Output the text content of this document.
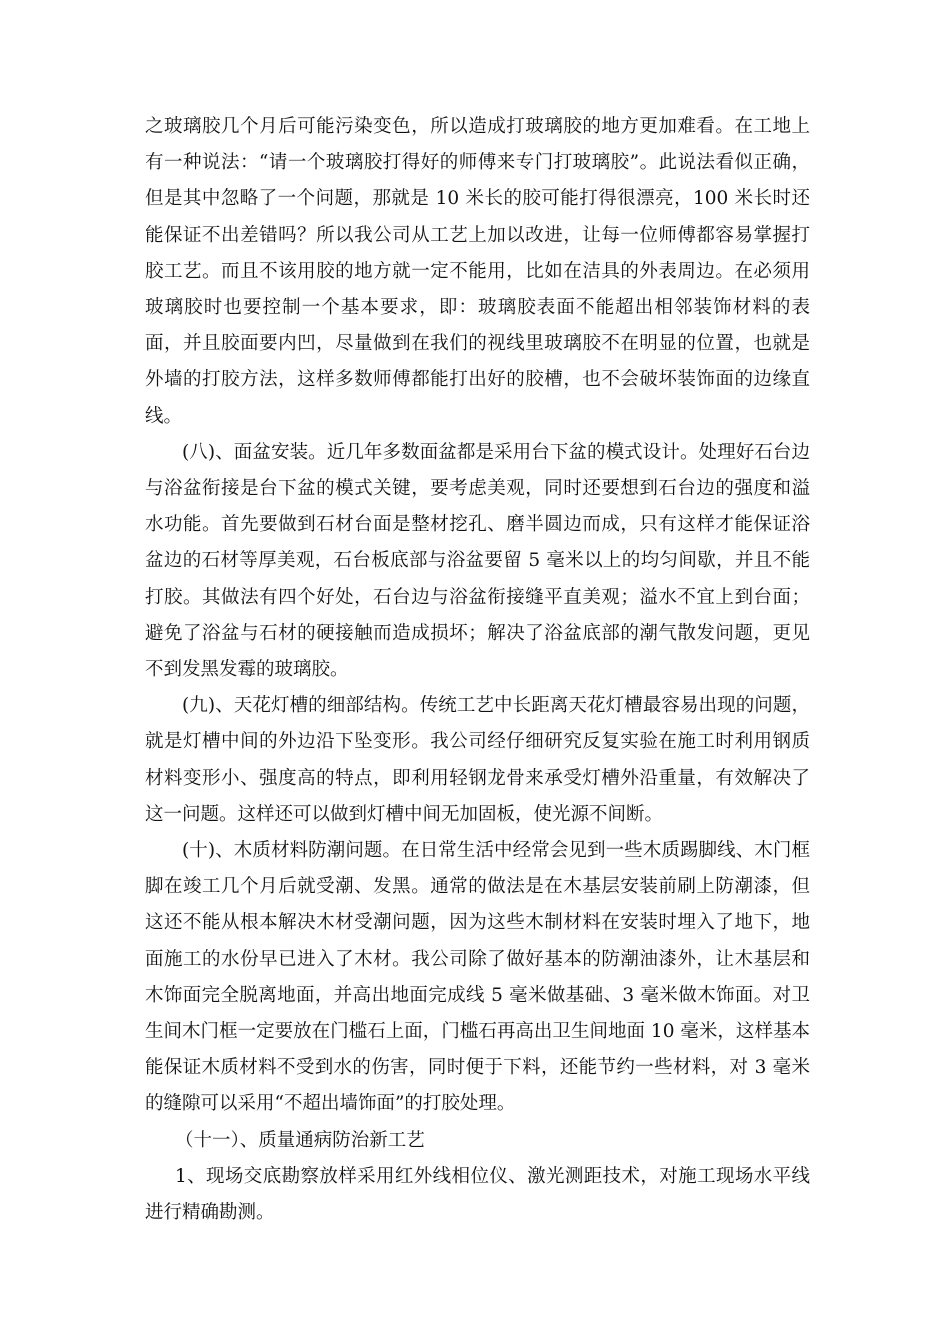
之玻璃胶几个月后可能污染变色，所以造成打玻璃胶的地方更加难看。在工地上有一种说法：“请一个玻璃胶打得好的师傅来专门打玻璃胶”。此说法看似正确，但是其中忽略了一个问题，那就是 10 米长的胶可能打得很漂亮，100 米长时还能保证不出差错吗？所以我公司从工艺上加以改进，让每一位师傅都容易掌握打胶工艺。而且不该用胶的地方就一定不能用，比如在洁具的外表周边。在必须用玻璃胶时也要控制一个基本要求，即：玻璃胶表面不能超出相邻装饰材料的表面，并且胶面要内凹，尽量做到在我们的视线里玻璃胶不在明显的位置，也就是外墙的打胶方法，这样多数师傅都能打出好的胶槽，也不会破坏装饰面的边缘直线。

(八)、面盆安装。近几年多数面盆都是采用台下盆的模式设计。处理好石台边与浴盆衔接是台下盆的模式关键，要考虑美观，同时还要想到石台边的强度和溢水功能。首先要做到石材台面是整材挖孔、磨半圆边而成，只有这样才能保证浴盆边的石材等厚美观，石台板底部与浴盆要留 5 毫米以上的均匀间歇，并且不能打胶。其做法有四个好处，石台边与浴盆衔接缝平直美观；溢水不宜上到台面；避免了浴盆与石材的硬接触而造成损坏；解决了浴盆底部的潮气散发问题，更见不到发黑发霉的玻璃胶。

(九)、天花灯槽的细部结构。传统工艺中长距离天花灯槽最容易出现的问题，就是灯槽中间的外边沿下坠变形。我公司经仔细研究反复实验在施工时利用钢质材料变形小、强度高的特点，即利用轻钢龙骨来承受灯槽外沿重量，有效解决了这一问题。这样还可以做到灯槽中间无加固板，使光源不间断。

(十)、木质材料防潮问题。在日常生活中经常会见到一些木质踢脚线、木门框脚在竣工几个月后就受潮、发黑。通常的做法是在木基层安装前刷上防潮漆，但这还不能从根本解决木材受潮问题，因为这些木制材料在安装时埋入了地下，地面施工的水份早已进入了木材。我公司除了做好基本的防潮油漆外，让木基层和木饰面完全脱离地面，并高出地面完成线 5 毫米做基础、3 毫米做木饰面。对卫生间木门框一定要放在门槛石上面，门槛石再高出卫生间地面 10 毫米，这样基本能保证木质材料不受到水的伤害，同时便于下料，还能节约一些材料，对 3 毫米的缝隙可以采用“不超出墙饰面”的打胶处理。

（十一）、质量通病防治新工艺

1、现场交底勘察放样采用红外线相位仪、激光测距技术，对施工现场水平线进行精确勘测。
